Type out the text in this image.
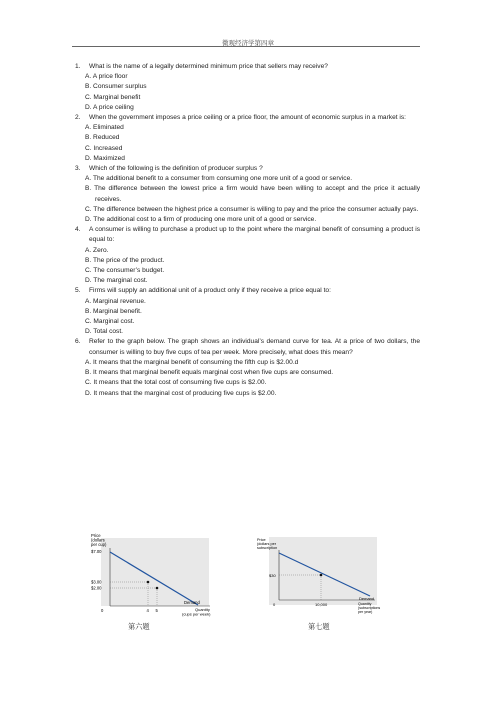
微观经济学第四章
1.	What is the name of a legally determined minimum price that sellers may receive?
A. A price floor
B. Consumer surplus
C. Marginal benefit
D. A price ceiling
2.	When the government imposes a price ceiling or a price floor, the amount of economic surplus in a market is:
A. Eliminated
B. Reduced
C. Increased
D. Maximized
3.	Which of the following is the definition of producer surplus ?
A. The additional benefit to a consumer from consuming one more unit of a good or service.
B. The difference between the lowest price a firm would have been willing to accept and the price it actually receives.
C. The difference between the highest price a consumer is willing to pay and the price the consumer actually pays.
D. The additional cost to a firm of producing one more unit of a good or service.
4.	A consumer is willing to purchase a product up to the point where the marginal benefit of consuming a product is equal to:
A. Zero.
B. The price of the product.
C. The consumer’s budget.
D. The marginal cost.
5.	Firms will supply an additional unit of a product only if they receive a price equal to:
A. Marginal revenue.
B. Marginal benefit.
C. Marginal cost.
D. Total cost.
6.	Refer to the graph below. The graph shows an individual’s demand curve for tea. At a price of two dollars, the consumer is willing to buy five cups of tea per week. More precisely, what does this mean?
A. It means that the marginal benefit of consuming the fifth cup is $2.00.d
B. It means that marginal benefit equals marginal cost when five cups are consumed.
C. It means that the total cost of consuming five cups is $2.00.
D. It means that the marginal cost of producing five cups is $2.00.
Price
(dollars
per cup)
$7.00
$3.00
$2.00
0	4 5
Demand
Quantity
(cups per week)
Price
(dollars per
subscription
$30
0	10,000
Demand
Quantity
(subscriptions
per year)
第六题	第七题
